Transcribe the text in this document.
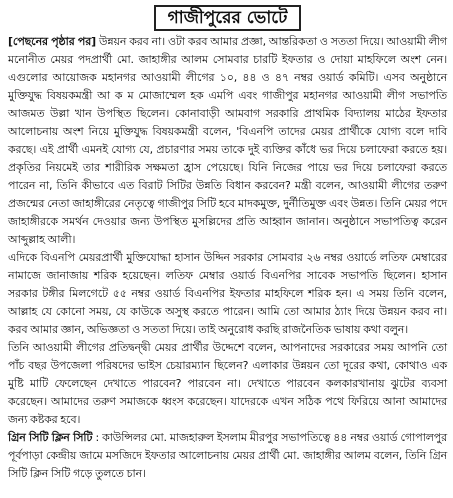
গাজীপুরের ভোটে

[পেছনের পৃষ্ঠার পর] উন্নয়ন করব না। ওটা করব আমার প্রজ্ঞা, আন্তরিকতা ও সততা দিয়ে। আওয়ামী লীগ মনোনীত মেয়র পদপ্রার্থী মো. জাহাঙ্গীর আলম সোমবার চারটি ইফতার ও দোয়া মাহফিলে অংশ নেন। এগুলোর আয়োজক মহানগর আওয়ামী লীগের ১০, ৪৪ ও ৪৭ নম্বর ওয়ার্ড কমিটি। এসব অনুষ্ঠানে মুক্তিযুদ্ধ বিষয়কমন্ত্রী আ ক ম মোজাম্মেল হক এমপি এবং গাজীপুর মহানগর আওয়ামী লীগ সভাপতি আজমত উল্লা খান উপস্থিত ছিলেন। কোনাবাড়ী আমবাগ সরকারি প্রাথমিক বিদ্যালয় মাঠের ইফতার আলোচনায় অংশ নিয়ে মুক্তিযুদ্ধ বিষয়কমন্ত্রী বলেন, 'বিএনপি তাদের মেয়র প্রার্থীকে যোগ্য বলে দাবি করছে। এই প্রার্থী এমনই যোগ্য যে, প্রচারণার সময় তাকে দুই ব্যক্তির কাঁধে ভর দিয়ে চলাফেরা করতে হয়। প্রকৃতির নিয়মেই তার শারীরিক সক্ষমতা হ্রাস পেয়েছে। যিনি নিজের পায়ে ভর দিয়ে চলাফেরা করতে পারেন না, তিনি কীভাবে এত বিরাট সিটির উন্নতি বিধান করবেন? মন্ত্রী বলেন, আওয়ামী লীগের তরুণ প্রজন্মের নেতা জাহাঙ্গীরের নেতৃত্বে গাজীপুর সিটি হবে মাদকমুক্ত, দুর্নীতিমুক্ত এবং উন্নত। তিনি মেয়র পদে জাহাঙ্গীরকে সমর্থন দেওয়ার জন্য উপস্থিত মুসল্লিদের প্রতি আহ্বান জানান। অনুষ্ঠানে সভাপতিত্ব করেন আব্দুল্লাহ আলী।

এদিকে বিএনপি মেয়রপ্রার্থী মুক্তিযোদ্ধা হাসান উদ্দিন সরকার সোমবার ২৬ নম্বর ওয়ার্ডে লতিফ মেম্বারের নামাজে জানাজায় শরিক হয়েছেন। লতিফ মেম্বার ওয়ার্ড বিএনপির সাবেক সভাপতি ছিলেন। হাসান সরকার টঙ্গীর মিলগেটে ৫৫ নম্বর ওয়ার্ড বিএনপির ইফতার মাহফিলে শরিক হন। এ সময় তিনি বলেন, আল্লাহ যে কোনো সময়, যে কাউকে অসুস্থ করতে পারেন। আমি তো আমার ঠ্যাং দিয়ে উন্নয়ন করব না। করব আমার জ্ঞান, অভিজ্ঞতা ও সততা দিয়ে। তাই অনুরোধ করছি রাজনৈতিক ভাষায় কথা বলুন।

তিনি আওয়ামী লীগের প্রতিদ্বন্দ্বী মেয়র প্রার্থীর উদ্দেশে বলেন, আপনাদের সরকারের সময় আপনি তো পাঁচ বছর উপজেলা পরিষদের ভাইস চেয়ারম্যান ছিলেন? এলাকার উন্নয়ন তো দূরের কথা, কোথাও এক মুষ্টি মাটি ফেলেছেন দেখাতে পারবেন? পারবেন না। দেখাতে পারবেন কলকারখানায় ঝুটের ব্যবসা করেছেন। আমাদের তরুণ সমাজকে ধ্বংস করেছেন। যাদেরকে এখন সঠিক পথে ফিরিয়ে আনা আমাদের জন্য কষ্টকর হবে।

গ্রিন সিটি ক্লিন সিটি : কাউন্সিলর মো. মাজহারুল ইসলাম মীরপুর সভাপতিত্বে ৪৪ নম্বর ওয়ার্ড গোপালপুর পূর্বপাড়া কেন্দ্রীয় জামে মসজিদে ইফতার আলোচনায় মেয়র প্রার্থী মো. জাহাঙ্গীর আলম বলেন, তিনি গ্রিন সিটি ক্লিন সিটি গড়ে তুলতে চান।
